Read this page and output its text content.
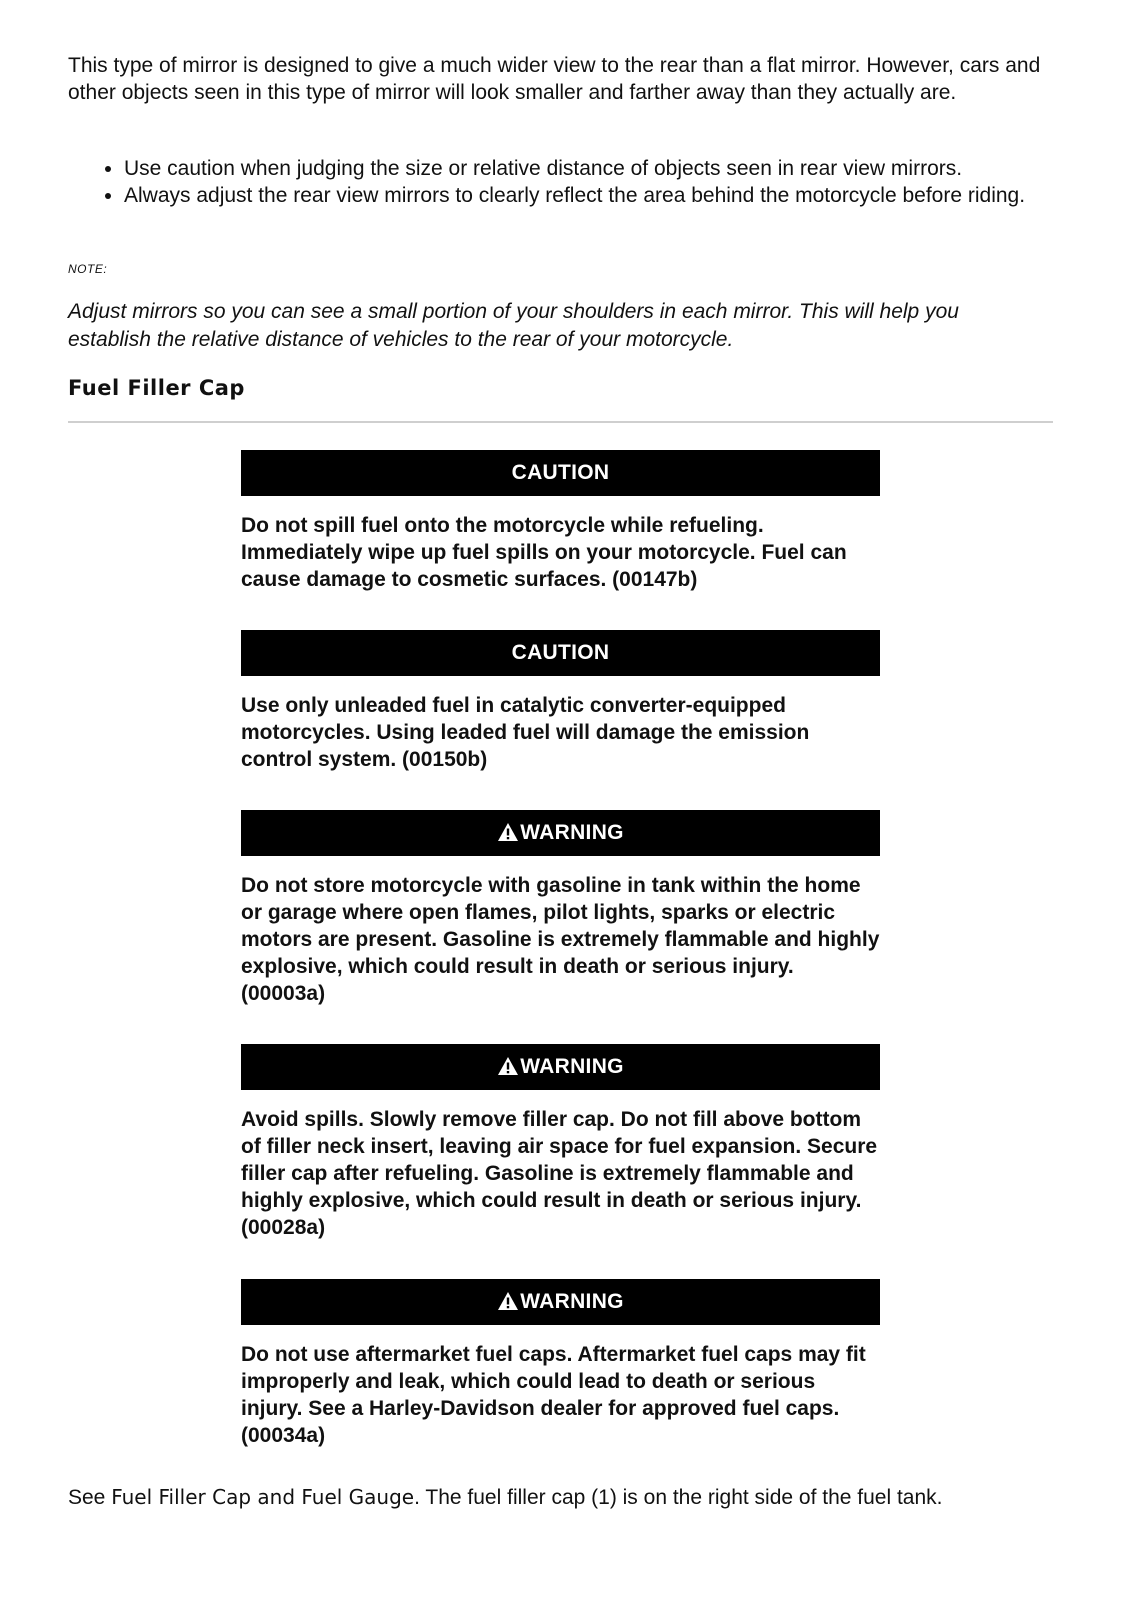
This type of mirror is designed to give a much wider view to the rear than a flat mirror. However, cars and other objects seen in this type of mirror will look smaller and farther away than they actually are.

• Use caution when judging the size or relative distance of objects seen in rear view mirrors.
• Always adjust the rear view mirrors to clearly reflect the area behind the motorcycle before riding.

NOTE:

Adjust mirrors so you can see a small portion of your shoulders in each mirror. This will help you establish the relative distance of vehicles to the rear of your motorcycle.

Fuel Filler Cap
CAUTION

Do not spill fuel onto the motorcycle while refueling. Immediately wipe up fuel spills on your motorcycle. Fuel can cause damage to cosmetic surfaces. (00147b)

CAUTION

Use only unleaded fuel in catalytic converter-equipped motorcycles. Using leaded fuel will damage the emission control system. (00150b)

WARNING

Do not store motorcycle with gasoline in tank within the home or garage where open flames, pilot lights, sparks or electric motors are present. Gasoline is extremely flammable and highly explosive, which could result in death or serious injury. (00003a)

WARNING

Avoid spills. Slowly remove filler cap. Do not fill above bottom of filler neck insert, leaving air space for fuel expansion. Secure filler cap after refueling. Gasoline is extremely flammable and highly explosive, which could result in death or serious injury. (00028a)

WARNING

Do not use aftermarket fuel caps. Aftermarket fuel caps may fit improperly and leak, which could lead to death or serious injury. See a Harley-Davidson dealer for approved fuel caps. (00034a)

See Fuel Filler Cap and Fuel Gauge. The fuel filler cap (1) is on the right side of the fuel tank.
